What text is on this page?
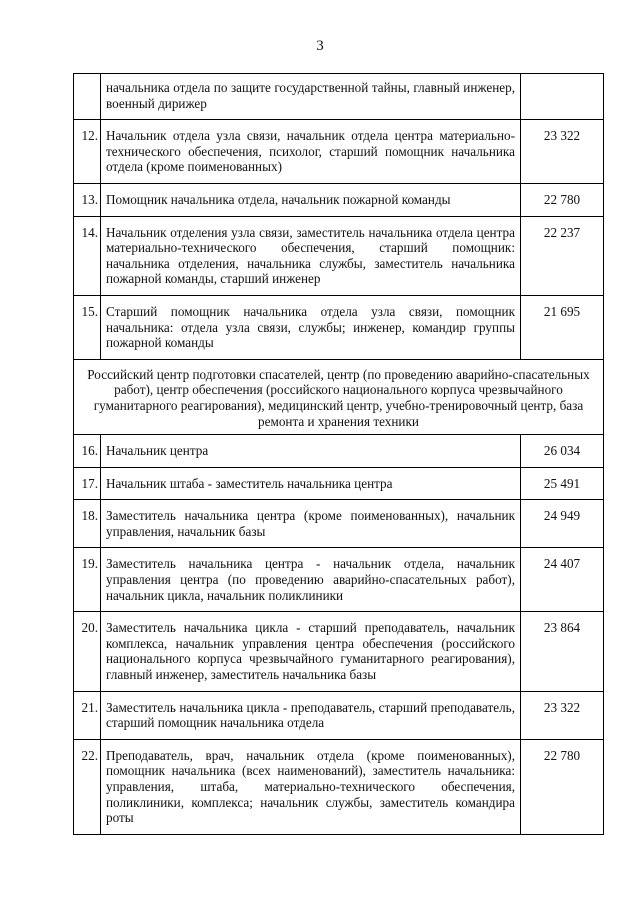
3
	начальника отдела по защите государственной тайны, главный инженер, военный дирижер	
12.	Начальник отдела узла связи, начальник отдела центра материально-технического обеспечения, психолог, старший помощник начальника отдела (кроме поименованных)	23 322
13.	Помощник начальника отдела, начальник пожарной команды	22 780
14.	Начальник отделения узла связи, заместитель начальника отдела центра материально-технического обеспечения, старший помощник: начальника отделения, начальника службы, заместитель начальника пожарной команды, старший инженер	22 237
15.	Старший помощник начальника отдела узла связи, помощник начальника: отдела узла связи, службы; инженер, командир группы пожарной команды	21 695
Российский центр подготовки спасателей, центр (по проведению аварийно-спасательных работ), центр обеспечения (российского национального корпуса чрезвычайного гуманитарного реагирования), медицинский центр, учебно-тренировочный центр, база ремонта и хранения техники		
16.	Начальник центра	26 034
17.	Начальник штаба - заместитель начальника центра	25 491
18.	Заместитель начальника центра (кроме поименованных), начальник управления, начальник базы	24 949
19.	Заместитель начальника центра - начальник отдела, начальник управления центра (по проведению аварийно-спасательных работ), начальник цикла, начальник поликлиники	24 407
20.	Заместитель начальника цикла - старший преподаватель, начальник комплекса, начальник управления центра обеспечения (российского национального корпуса чрезвычайного гуманитарного реагирования), главный инженер, заместитель начальника базы	23 864
21.	Заместитель начальника цикла - преподаватель, старший преподаватель, старший помощник начальника отдела	23 322
22.	Преподаватель, врач, начальник отдела (кроме поименованных), помощник начальника (всех наименований), заместитель начальника: управления, штаба, материально-технического обеспечения, поликлиники, комплекса; начальник службы, заместитель командира роты	22 780
